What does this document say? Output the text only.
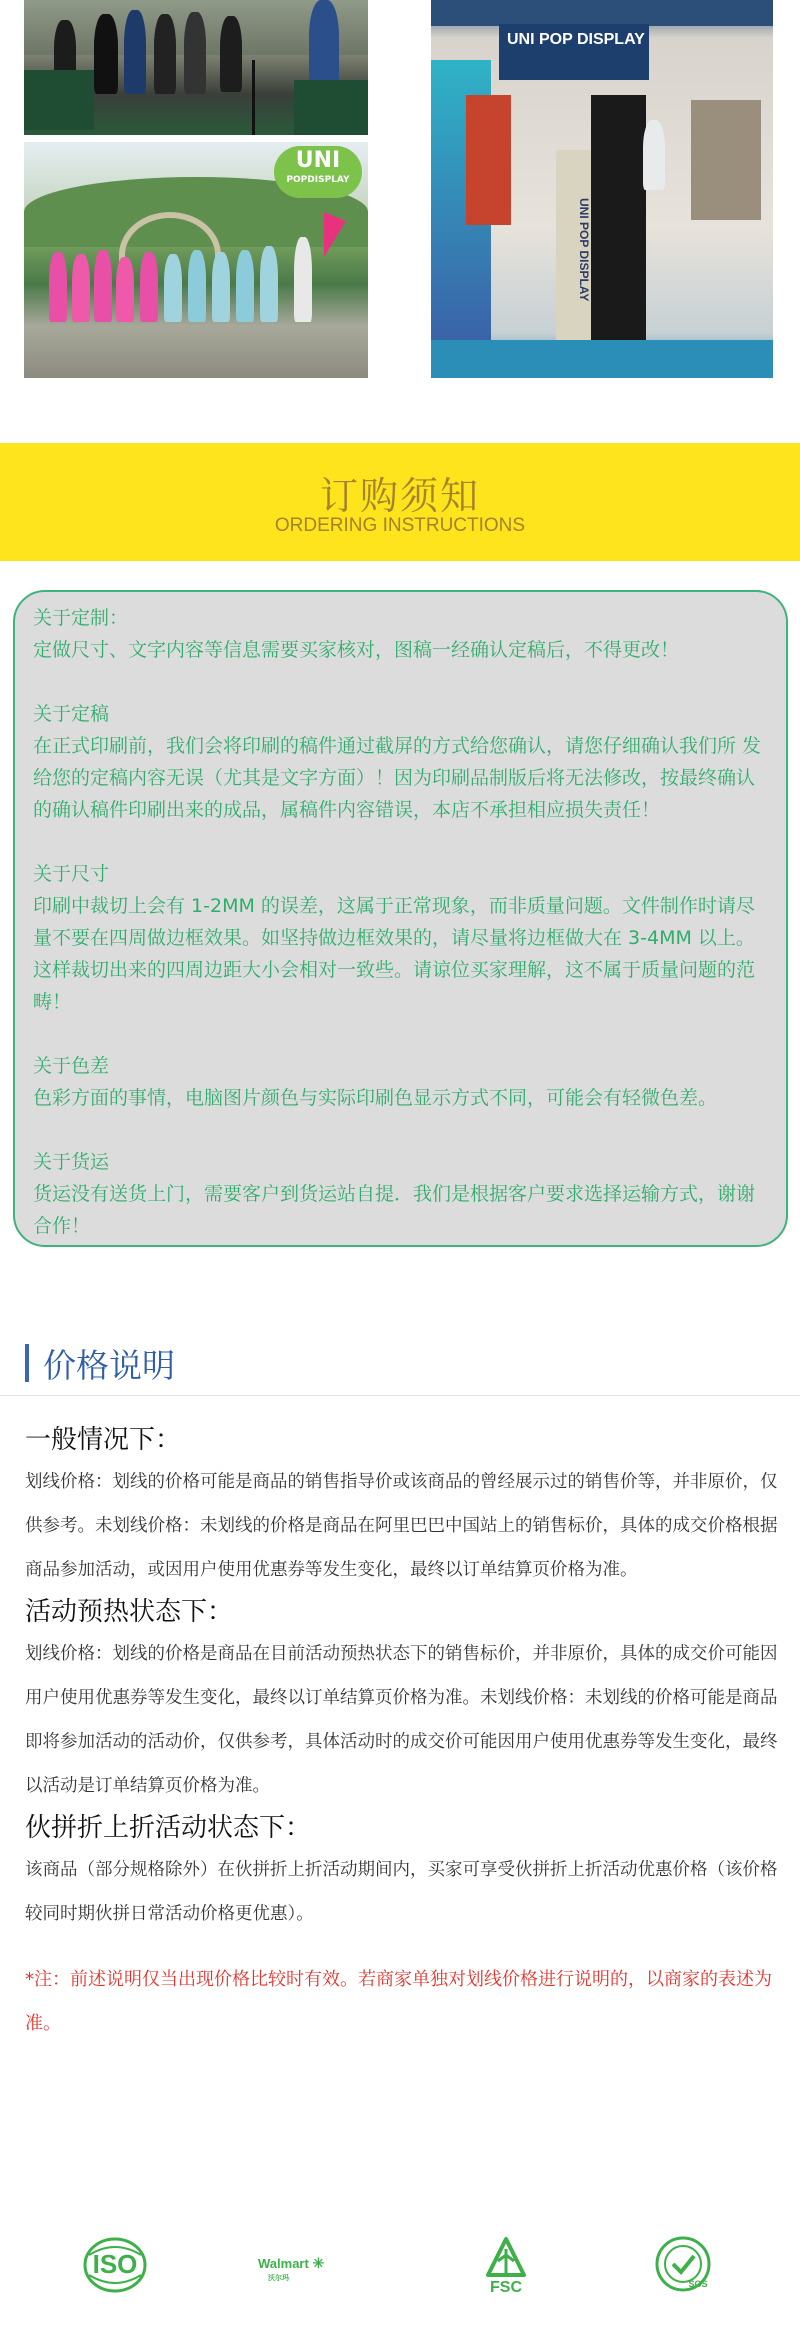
UNI
POPDISPLAY
UNI POP DISPLAY
UNI POP DISPLAY
订购须知
ORDERING INSTRUCTIONS
关于定制：
定做尺寸、文字内容等信息需要买家核对，图稿一经确认定稿后，不得更改！
关于定稿
在正式印刷前，我们会将印刷的稿件通过截屏的方式给您确认，请您仔细确认我们所 发给您的定稿内容无误（尤其是文字方面）！因为印刷品制版后将无法修改，按最终确认的确认稿件印刷出来的成品，属稿件内容错误，本店不承担相应损失责任！
关于尺寸
印刷中裁切上会有 1-2MM 的误差，这属于正常现象，而非质量问题。文件制作时请尽 量不要在四周做边框效果。如坚持做边框效果的，请尽量将边框做大在 3-4MM 以上。 这样裁切出来的四周边距大小会相对一致些。请谅位买家理解，这不属于质量问题的范畴！
关于色差
色彩方面的事情，电脑图片颜色与实际印刷色显示方式不同，可能会有轻微色差。
关于货运
货运没有送货上门，需要客户到货运站自提．我们是根据客户要求选择运输方式，谢谢合作！
价格说明
一般情况下：
划线价格：划线的价格可能是商品的销售指导价或该商品的曾经展示过的销售价等，并非原价，仅供参考。未划线价格：未划线的价格是商品在阿里巴巴中国站上的销售标价，具体的成交价格根据商品参加活动，或因用户使用优惠券等发生变化，最终以订单结算页价格为准。
活动预热状态下：
划线价格：划线的价格是商品在目前活动预热状态下的销售标价，并非原价，具体的成交价可能因用户使用优惠券等发生变化，最终以订单结算页价格为准。未划线价格：未划线的价格可能是商品即将参加活动的活动价，仅供参考，具体活动时的成交价可能因用户使用优惠券等发生变化，最终以活动是订单结算页价格为准。
伙拼折上折活动状态下：
该商品（部分规格除外）在伙拼折上折活动期间内，买家可享受伙拼折上折活动优惠价格（该价格较同时期伙拼日常活动价格更优惠）。
*注：前述说明仅当出现价格比较时有效。若商家单独对划线价格进行说明的，以商家的表述为准。
ISO	Walmart ✳
沃尔玛
FSC	SGS
